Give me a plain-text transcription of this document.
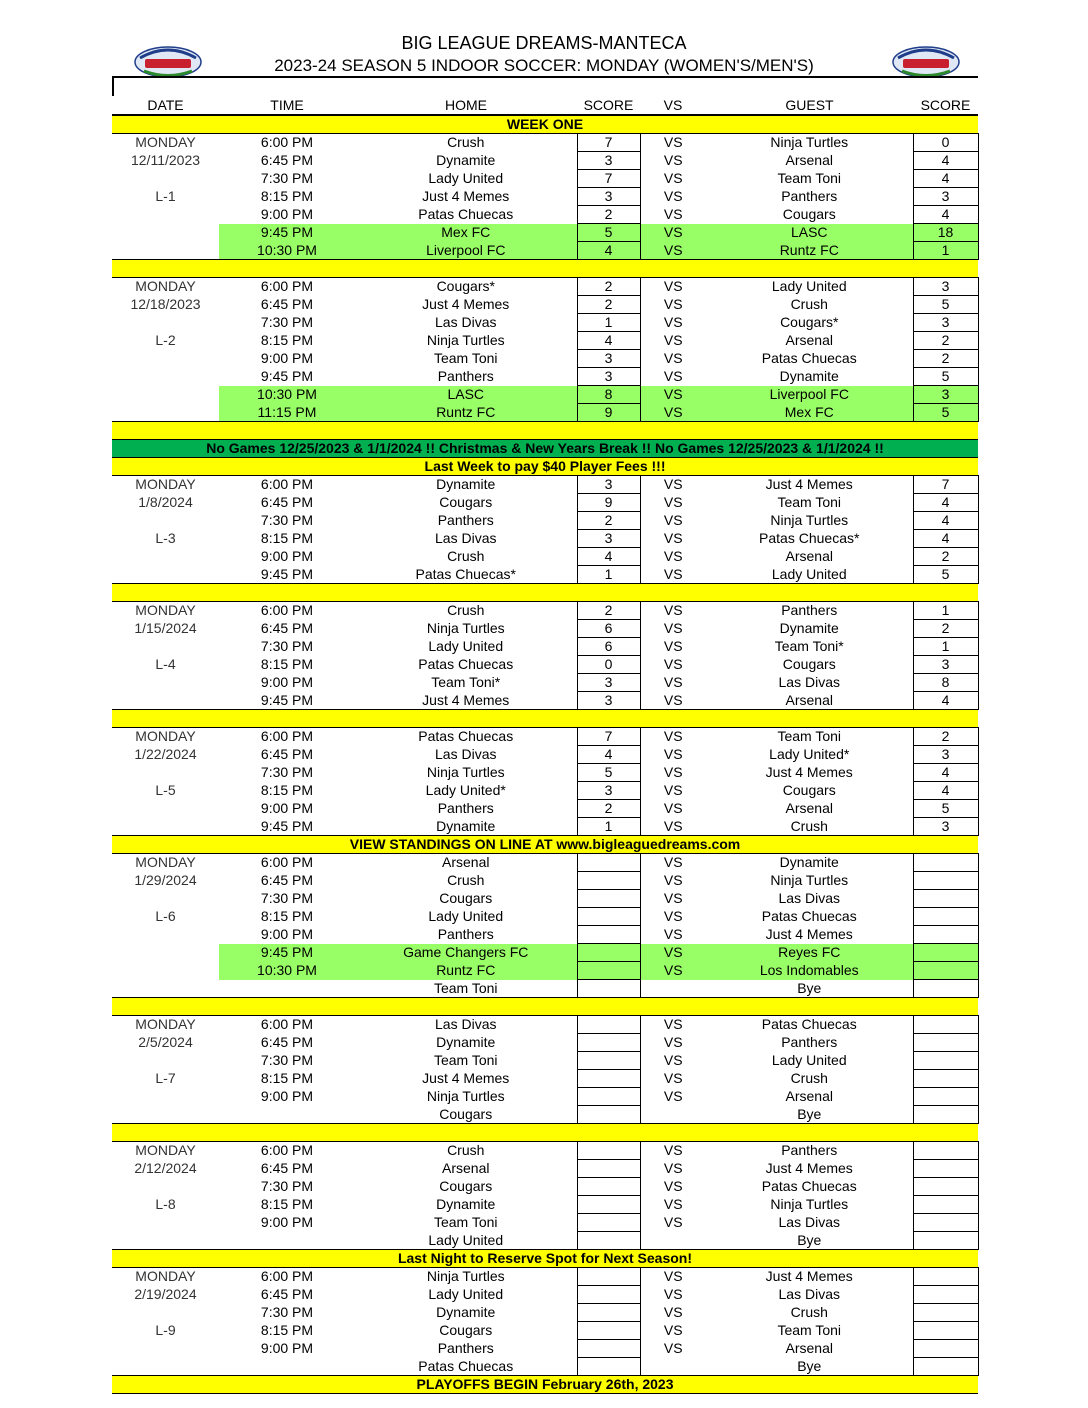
BIG LEAGUE DREAMS-MANTECA
2023-24 SEASON 5 INDOOR SOCCER: MONDAY (WOMEN'S/MEN'S)
DATE	TIME	HOME	SCORE	VS	GUEST	SCORE
WEEK ONE						
MONDAY	6:00 PM	Crush	7	VS	Ninja Turtles	0
12/11/2023	6:45 PM	Dynamite	3	VS	Arsenal	4
	7:30 PM	Lady United	7	VS	Team Toni	4
L-1	8:15 PM	Just 4 Memes	3	VS	Panthers	3
	9:00 PM	Patas Chuecas	2	VS	Cougars	4
	9:45 PM	Mex FC	5	VS	LASC	18
	10:30 PM	Liverpool FC	4	VS	Runtz FC	1

MONDAY	6:00 PM	Cougars*	2	VS	Lady United	3
12/18/2023	6:45 PM	Just 4 Memes	2	VS	Crush	5
	7:30 PM	Las Divas	1	VS	Cougars*	3
L-2	8:15 PM	Ninja Turtles	4	VS	Arsenal	2
	9:00 PM	Team Toni	3	VS	Patas Chuecas	2
	9:45 PM	Panthers	3	VS	Dynamite	5
	10:30 PM	LASC	8	VS	Liverpool FC	3
	11:15 PM	Runtz FC	9	VS	Mex FC	5

No Games 12/25/2023 & 1/1/2024 !! Christmas & New Years Break !! No Games 12/25/2023 & 1/1/2024 !!						
Last Week to pay $40 Player Fees !!!						
MONDAY	6:00 PM	Dynamite	3	VS	Just 4 Memes	7
1/8/2024	6:45 PM	Cougars	9	VS	Team Toni	4
	7:30 PM	Panthers	2	VS	Ninja Turtles	4
L-3	8:15 PM	Las Divas	3	VS	Patas Chuecas*	4
	9:00 PM	Crush	4	VS	Arsenal	2
	9:45 PM	Patas Chuecas*	1	VS	Lady United	5

MONDAY	6:00 PM	Crush	2	VS	Panthers	1
1/15/2024	6:45 PM	Ninja Turtles	6	VS	Dynamite	2
	7:30 PM	Lady United	6	VS	Team Toni*	1
L-4	8:15 PM	Patas Chuecas	0	VS	Cougars	3
	9:00 PM	Team Toni*	3	VS	Las Divas	8
	9:45 PM	Just 4 Memes	3	VS	Arsenal	4

MONDAY	6:00 PM	Patas Chuecas	7	VS	Team Toni	2
1/22/2024	6:45 PM	Las Divas	4	VS	Lady United*	3
	7:30 PM	Ninja Turtles	5	VS	Just 4 Memes	4
L-5	8:15 PM	Lady United*	3	VS	Cougars	4
	9:00 PM	Panthers	2	VS	Arsenal	5
	9:45 PM	Dynamite	1	VS	Crush	3
VIEW STANDINGS ON LINE AT www.bigleaguedreams.com						
MONDAY	6:00 PM	Arsenal		VS	Dynamite	
1/29/2024	6:45 PM	Crush		VS	Ninja Turtles	
	7:30 PM	Cougars		VS	Las Divas	
L-6	8:15 PM	Lady United		VS	Patas Chuecas	
	9:00 PM	Panthers		VS	Just 4 Memes	
	9:45 PM	Game Changers FC		VS	Reyes FC	
	10:30 PM	Runtz FC		VS	Los Indomables	
		Team Toni			Bye	

MONDAY	6:00 PM	Las Divas		VS	Patas Chuecas	
2/5/2024	6:45 PM	Dynamite		VS	Panthers	
	7:30 PM	Team Toni		VS	Lady United	
L-7	8:15 PM	Just 4 Memes		VS	Crush	
	9:00 PM	Ninja Turtles		VS	Arsenal	
		Cougars			Bye	

MONDAY	6:00 PM	Crush		VS	Panthers	
2/12/2024	6:45 PM	Arsenal		VS	Just 4 Memes	
	7:30 PM	Cougars		VS	Patas Chuecas	
L-8	8:15 PM	Dynamite		VS	Ninja Turtles	
	9:00 PM	Team Toni		VS	Las Divas	
		Lady United			Bye	
Last Night to Reserve Spot for Next Season!						
MONDAY	6:00 PM	Ninja Turtles		VS	Just 4 Memes	
2/19/2024	6:45 PM	Lady United		VS	Las Divas	
	7:30 PM	Dynamite		VS	Crush	
L-9	8:15 PM	Cougars		VS	Team Toni	
	9:00 PM	Panthers		VS	Arsenal	
		Patas Chuecas			Bye	
PLAYOFFS BEGIN February 26th, 2023						
